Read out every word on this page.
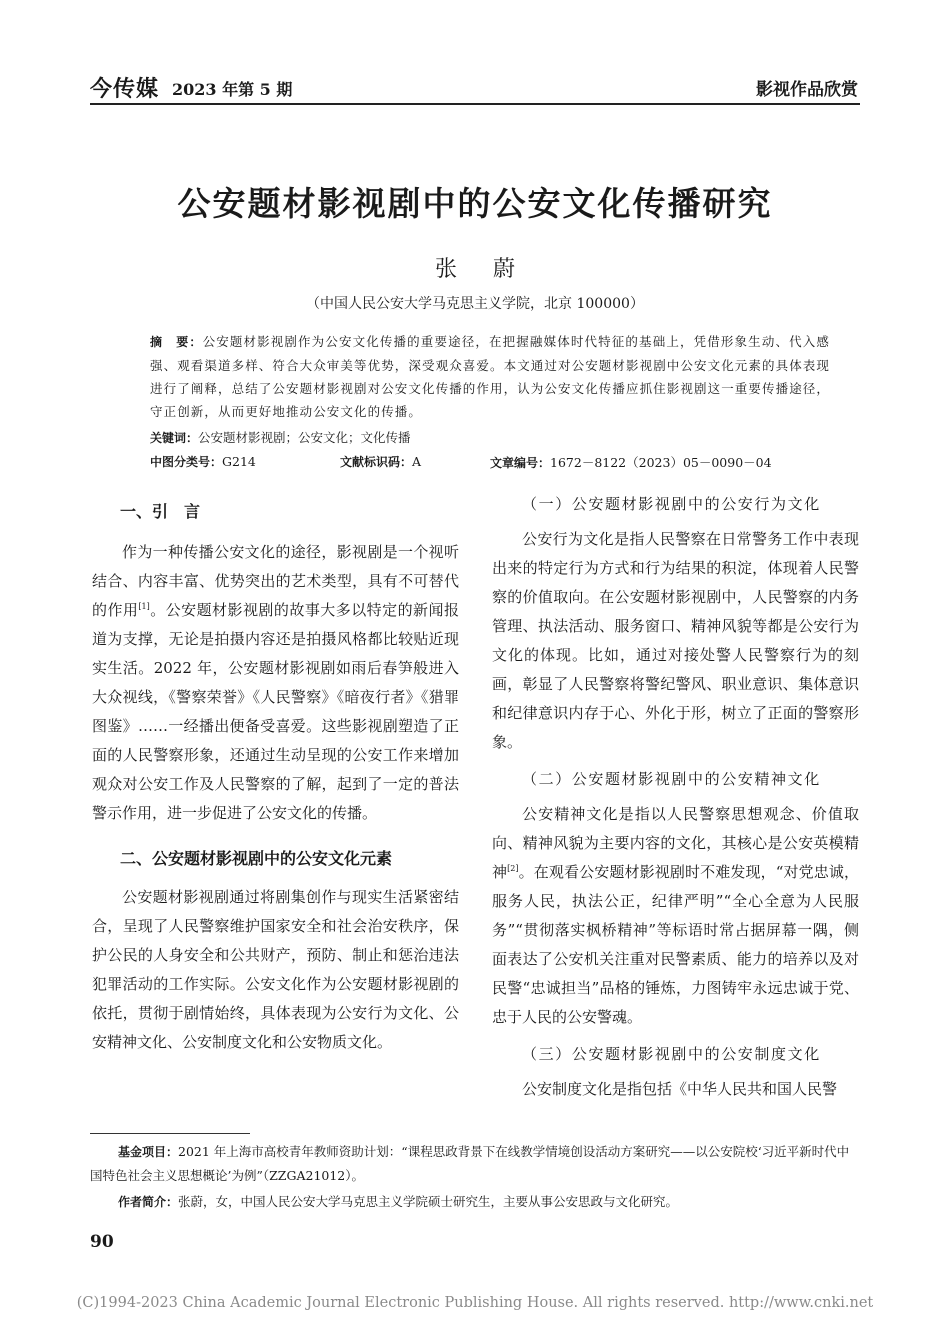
今传媒 2023 年第 5 期	影视作品欣赏
公安题材影视剧中的公安文化传播研究
张蔚
（中国人民公安大学马克思主义学院，北京 100000）
摘　要：公安题材影视剧作为公安文化传播的重要途径，在把握融媒体时代特征的基础上，凭借形象生动、代入感强、观看渠道多样、符合大众审美等优势，深受观众喜爱。本文通过对公安题材影视剧中公安文化元素的具体表现进行了阐释，总结了公安题材影视剧对公安文化传播的作用，认为公安文化传播应抓住影视剧这一重要传播途径，守正创新，从而更好地推动公安文化的传播。
关键词：公安题材影视剧；公安文化；文化传播
中图分类号：G214	文献标识码：A	文章编号：1672－8122（2023）05－0090－04
一、引　言

作为一种传播公安文化的途径，影视剧是一个视听结合、内容丰富、优势突出的艺术类型，具有不可替代的作用[1]。公安题材影视剧的故事大多以特定的新闻报道为支撑，无论是拍摄内容还是拍摄风格都比较贴近现实生活。2022 年，公安题材影视剧如雨后春笋般进入大众视线，《警察荣誉》《人民警察》《暗夜行者》《猎罪图鉴》……一经播出便备受喜爱。这些影视剧塑造了正面的人民警察形象，还通过生动呈现的公安工作来增加观众对公安工作及人民警察的了解，起到了一定的普法警示作用，进一步促进了公安文化的传播。

二、公安题材影视剧中的公安文化元素

公安题材影视剧通过将剧集创作与现实生活紧密结合，呈现了人民警察维护国家安全和社会治安秩序，保护公民的人身安全和公共财产，预防、制止和惩治违法犯罪活动的工作实际。公安文化作为公安题材影视剧的依托，贯彻于剧情始终，具体表现为公安行为文化、公安精神文化、公安制度文化和公安物质文化。

（一）公安题材影视剧中的公安行为文化

公安行为文化是指人民警察在日常警务工作中表现出来的特定行为方式和行为结果的积淀，体现着人民警察的价值取向。在公安题材影视剧中，人民警察的内务管理、执法活动、服务窗口、精神风貌等都是公安行为文化的体现。比如，通过对接处警人民警察行为的刻画，彰显了人民警察将警纪警风、职业意识、集体意识和纪律意识内存于心、外化于形，树立了正面的警察形象。

（二）公安题材影视剧中的公安精神文化

公安精神文化是指以人民警察思想观念、价值取向、精神风貌为主要内容的文化，其核心是公安英模精神[2]。在观看公安题材影视剧时不难发现，“对党忠诚，服务人民，执法公正，纪律严明”“全心全意为人民服务”“贯彻落实枫桥精神”等标语时常占据屏幕一隅，侧面表达了公安机关注重对民警素质、能力的培养以及对民警“忠诚担当”品格的锤炼，力图铸牢永远忠诚于党、忠于人民的公安警魂。

（三）公安题材影视剧中的公安制度文化

公安制度文化是指包括《中华人民共和国人民警

基金项目：2021 年上海市高校青年教师资助计划：“课程思政背景下在线教学情境创设活动方案研究——以公安院校‘习近平新时代中国特色社会主义思想概论’为例”（ZZGA21012）。
作者简介：张蔚，女，中国人民公安大学马克思主义学院硕士研究生，主要从事公安思政与文化研究。
90
(C)1994-2023 China Academic Journal Electronic Publishing House. All rights reserved. http://www.cnki.net
